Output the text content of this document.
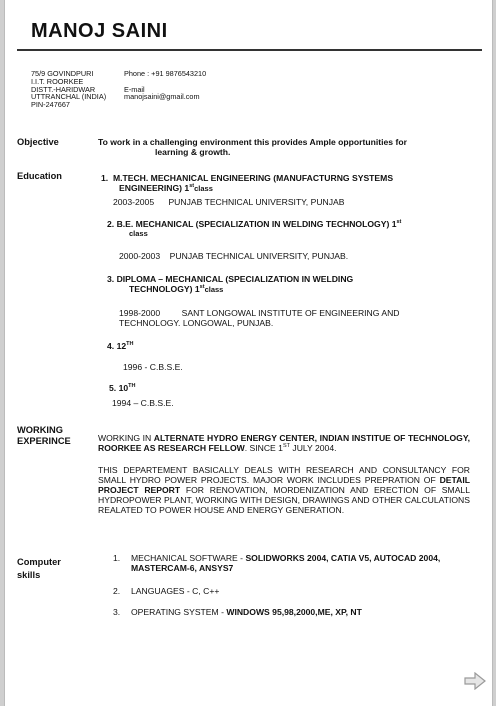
MANOJ SAINI
75/9 GOVINDPURI
I.I.T. ROORKEE
DISTT.-HARIDWAR
UTTRANCHAL (INDIA)
PIN-247667
Phone : +91 9876543210
E-mail
manojsaini@gmail.com
Objective	To work in a challenging environment this provides Ample opportunities for
learning & growth.
Education	1. M.TECH. MECHANICAL ENGINEERING (MANUFACTURNG SYSTEMS
ENGINEERING) 1stclass
2003-2005 PUNJAB TECHNICAL UNIVERSITY, PUNJAB
2. B.E. MECHANICAL (SPECIALIZATION IN WELDING TECHNOLOGY) 1st
class
2000-2003 PUNJAB TECHNICAL UNIVERSITY, PUNJAB.
3. DIPLOMA – MECHANICAL (SPECIALIZATION IN WELDING
TECHNOLOGY) 1stclass
1998-2000	SANT LONGOWAL INSTITUTE OF ENGINEERING AND
TECHNOLOGY. LONGOWAL, PUNJAB.
4. 12TH
1996 - C.B.S.E.
5. 10TH
1994 – C.B.S.E.
WORKING
EXPERINCE	WORKING IN ALTERNATE HYDRO ENERGY CENTER, INDIAN INSTITUE OF TECHNOLOGY, ROORKEE AS RESEARCH FELLOW. SINCE 1ST JULY 2004.
THIS DEPARTEMENT BASICALLY DEALS WITH RESEARCH AND CONSULTANCY FOR SMALL HYDRO POWER PROJECTS. MAJOR WORK INCLUDES PREPRATION OF DETAIL PROJECT REPORT FOR RENOVATION, MORDENIZATION AND ERECTION OF SMALL HYDROPOWER PLANT, WORKING WITH DESIGN, DRAWINGS AND OTHER CALCULATIONS REALATED TO POWER HOUSE AND ENERGY GENERATION.
Computer
skills
1.	MECHANICAL SOFTWARE - SOLIDWORKS 2004, CATIA V5, AUTOCAD 2004, MASTERCAM-6, ANSYS7
2.	LANGUAGES - C, C++
3.	OPERATING SYSTEM - WINDOWS 95,98,2000,ME, XP, NT
